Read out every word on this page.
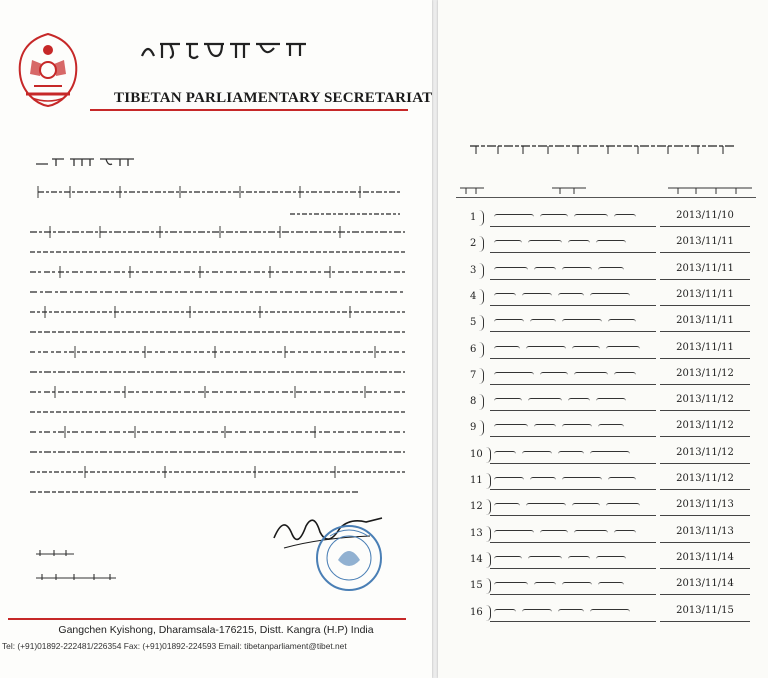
TIBETAN PARLIAMENTARY SECRETARIAT
Gangchen Kyishong, Dharamsala-176215, Distt. Kangra (H.P) India
Tel: (+91)01892-222481/226354 Fax: (+91)01892-224593 Email: tibetanparliament@tibet.net
1	2013/11/10
2	2013/11/11
3	2013/11/11
4	2013/11/11
5	2013/11/11
6	2013/11/11
7	2013/11/12
8	2013/11/12
9	2013/11/12
10	2013/11/12
11	2013/11/12
12	2013/11/13
13	2013/11/13
14	2013/11/14
15	2013/11/14
16	2013/11/15
